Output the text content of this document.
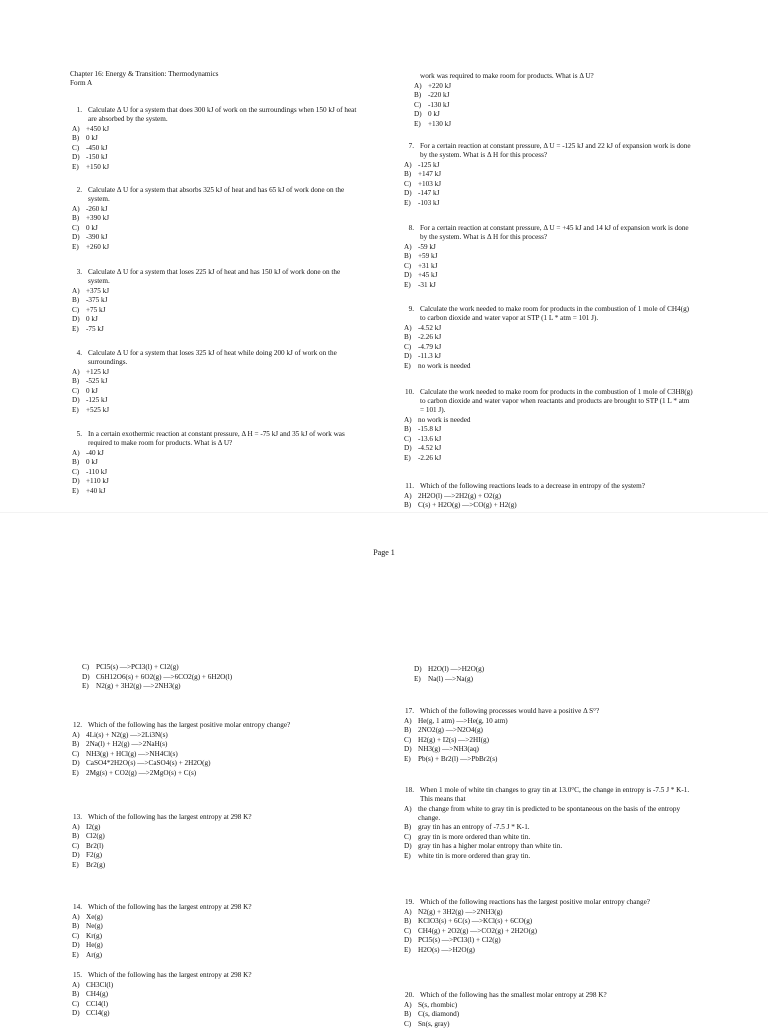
Chapter 16: Energy & Transition: Thermodynamics
Form A
1. Calculate Δ U for a system that does 300 kJ of work on the surroundings when 150 kJ of heat are absorbed by the system.
A) +450 kJ
B) 0 kJ
C) -450 kJ
D) -150 kJ
E)	+150 kJ
2. Calculate Δ U for a system that absorbs 325 kJ of heat and has 65 kJ of work done on the system.
A) -260 kJ
B) +390 kJ
C) 0 kJ
D) -390 kJ
E)	+260 kJ
3. Calculate Δ U for a system that loses 225 kJ of heat and has 150 kJ of work done on the system.
A) +375 kJ
B) -375 kJ
C) +75 kJ
D) 0 kJ
E)	-75 kJ
4. Calculate Δ U for a system that loses 325 kJ of heat while doing 200 kJ of work on the surroundings.
A) +125 kJ
B) -525 kJ
C) 0 kJ
D) -125 kJ
E)	+525 kJ
5. In a certain exothermic reaction at constant pressure, Δ H = -75 kJ and 35 kJ of work was required to make room for products. What is Δ U?
A) -40 kJ
B) 0 kJ
C) -110 kJ
D) +110 kJ
E)	+40 kJ
work was required to make room for products. What is Δ U?
A) +220 kJ
B) -220 kJ
C) -130 kJ
D) 0 kJ
E)	+130 kJ
7. For a certain reaction at constant pressure, Δ U = -125 kJ and 22 kJ of expansion work is done by the system. What is Δ H for this process?
A) -125 kJ
B) +147 kJ
C) +103 kJ
D) -147 kJ
E)	-103 kJ
8. For a certain reaction at constant pressure, Δ U = +45 kJ and 14 kJ of expansion work is done by the system. What is Δ H for this process?
A) -59 kJ
B) +59 kJ
C) +31 kJ
D) +45 kJ
E)	-31 kJ
9. Calculate the work needed to make room for products in the combustion of 1 mole of CH4(g) to carbon dioxide and water vapor at STP (1 L * atm = 101 J).
A) -4.52 kJ
B) -2.26 kJ
C) -4.79 kJ
D) -11.3 kJ
E)	no work is needed
10. Calculate the work needed to make room for products in the combustion of 1 mole of C3H8(g) to carbon dioxide and water vapor when reactants and products are brought to STP (1 L * atm = 101 J).
A) no work is needed
B) -15.8 kJ
C) -13.6 kJ
D) -4.52 kJ
E)	-2.26 kJ
11. Which of the following reactions leads to a decrease in entropy of the system?
A) 2H2O(l) —>2H2(g) + O2(g)
B) C(s) + H2O(g) —>CO(g) + H2(g)
C) PCl5(s) —>PCl3(l) + Cl2(g)
D) C6H12O6(s) + 6O2(g) —>6CO2(g) + 6H2O(l)
E)	N2(g) + 3H2(g) —>2NH3(g)
12. Which of the following has the largest positive molar entropy change?
A) 4Li(s) + N2(g) —>2Li3N(s)
B) 2Na(l) + H2(g) —>2NaH(s)
C) NH3(g) + HCl(g) —>NH4Cl(s)
D) CaSO4*2H2O(s) —>CaSO4(s) + 2H2O(g)
E)	2Mg(s) + CO2(g) —>2MgO(s) + C(s)
13. Which of the following has the largest entropy at 298 K?
A) I2(g)
B) Cl2(g)
C) Br2(l)
D) F2(g)
E)	Br2(g)
14. Which of the following has the largest entropy at 298 K?
A) Xe(g)
B) Ne(g)
C) Kr(g)
D) He(g)
E)	Ar(g)
15. Which of the following has the largest entropy at 298 K?
A) CH3Cl(l)
B) CH4(g)
C) CCl4(l)
D) CCl4(g)
D) H2O(l) —>H2O(g)
E)	Na(l) —>Na(g)
17. Which of the following processes would have a positive Δ S°?
A) He(g, 1 atm) —>He(g, 10 atm)
B) 2NO2(g) —>N2O4(g)
C) H2(g) + I2(s) —>2HI(g)
D) NH3(g) —>NH3(aq)
E)	Pb(s) + Br2(l) —>PbBr2(s)
18. When 1 mole of white tin changes to gray tin at 13.0°C, the change in entropy is -7.5 J * K-1. This means that
A) the change from white to gray tin is predicted to be spontaneous on the basis of the entropy change.
B) gray tin has an entropy of -7.5 J * K-1.
C) gray tin is more ordered than white tin.
D) gray tin has a higher molar entropy than white tin.
E)	white tin is more ordered than gray tin.
19. Which of the following reactions has the largest positive molar entropy change?
A) N2(g) + 3H2(g) —>2NH3(g)
B) KClO3(s) + 6C(s) —>KCl(s) + 6CO(g)
C) CH4(g) + 2O2(g) —>CO2(g) + 2H2O(g)
D) PCl5(s) —>PCl3(l) + Cl2(g)
E)	H2O(s) —>H2O(g)
20. Which of the following has the smallest molar entropy at 298 K?
A) S(s, rhombic)
B) C(s, diamond)
C) Sn(s, gray)
Page 1
